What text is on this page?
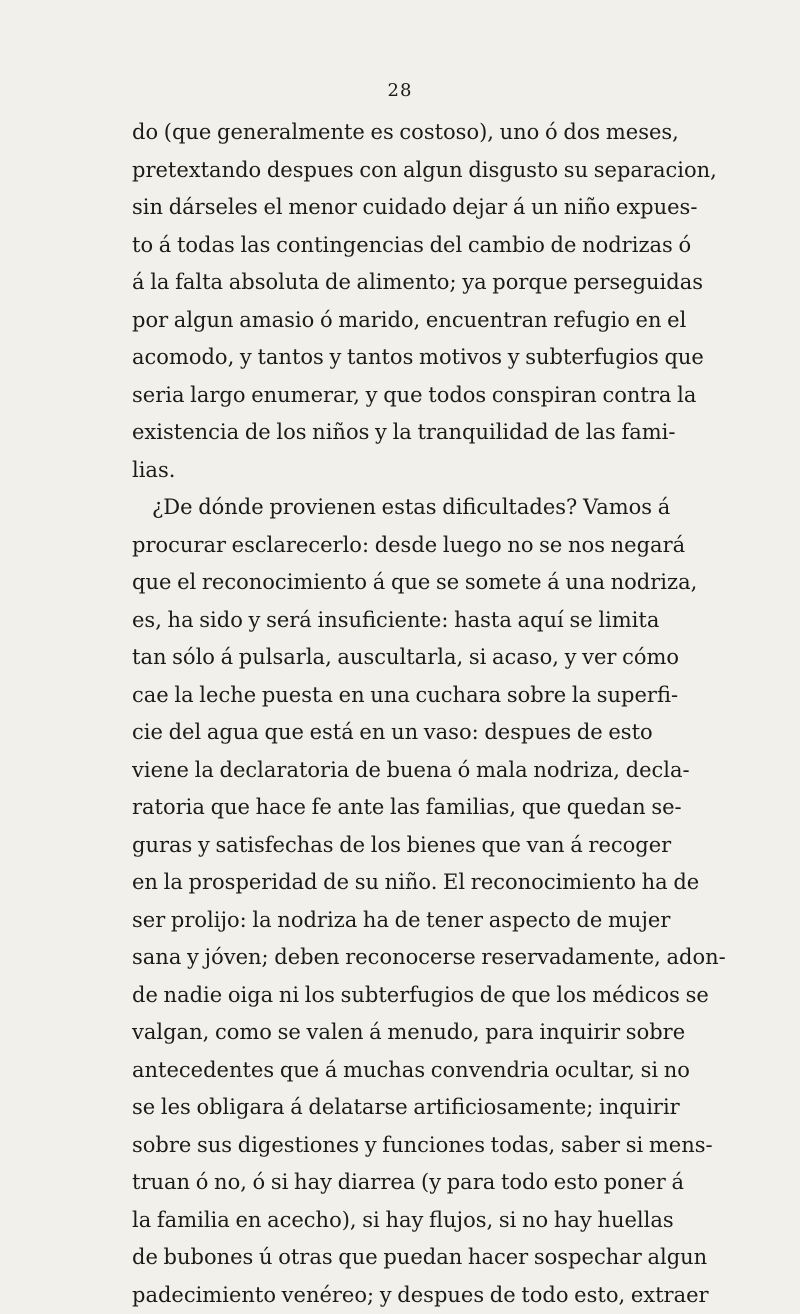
28
do (que generalmente es costoso), uno ó dos meses,
pretextando despues con algun disgusto su separacion,
sin dárseles el menor cuidado dejar á un niño expues-
to á todas las contingencias del cambio de nodrizas ó
á la falta absoluta de alimento; ya porque perseguidas
por algun amasio ó marido, encuentran refugio en el
acomodo, y tantos y tantos motivos y subterfugios que
seria largo enumerar, y que todos conspiran contra la
existencia de los niños y la tranquilidad de las fami-
lias.
¿De dónde provienen estas dificultades? Vamos á
procurar esclarecerlo: desde luego no se nos negará
que el reconocimiento á que se somete á una nodriza,
es, ha sido y será insuficiente: hasta aquí se limita
tan sólo á pulsarla, auscultarla, si acaso, y ver cómo
cae la leche puesta en una cuchara sobre la superfi-
cie del agua que está en un vaso: despues de esto
viene la declaratoria de buena ó mala nodriza, decla-
ratoria que hace fe ante las familias, que quedan se-
guras y satisfechas de los bienes que van á recoger
en la prosperidad de su niño. El reconocimiento ha de
ser prolijo: la nodriza ha de tener aspecto de mujer
sana y jóven; deben reconocerse reservadamente, adon-
de nadie oiga ni los subterfugios de que los médicos se
valgan, como se valen á menudo, para inquirir sobre
antecedentes que á muchas convendria ocultar, si no
se les obligara á delatarse artificiosamente; inquirir
sobre sus digestiones y funciones todas, saber si mens-
truan ó no, ó si hay diarrea (y para todo esto poner á
la familia en acecho), si hay flujos, si no hay huellas
de bubones ú otras que puedan hacer sospechar algun
padecimiento venéreo; y despues de todo esto, extraer
